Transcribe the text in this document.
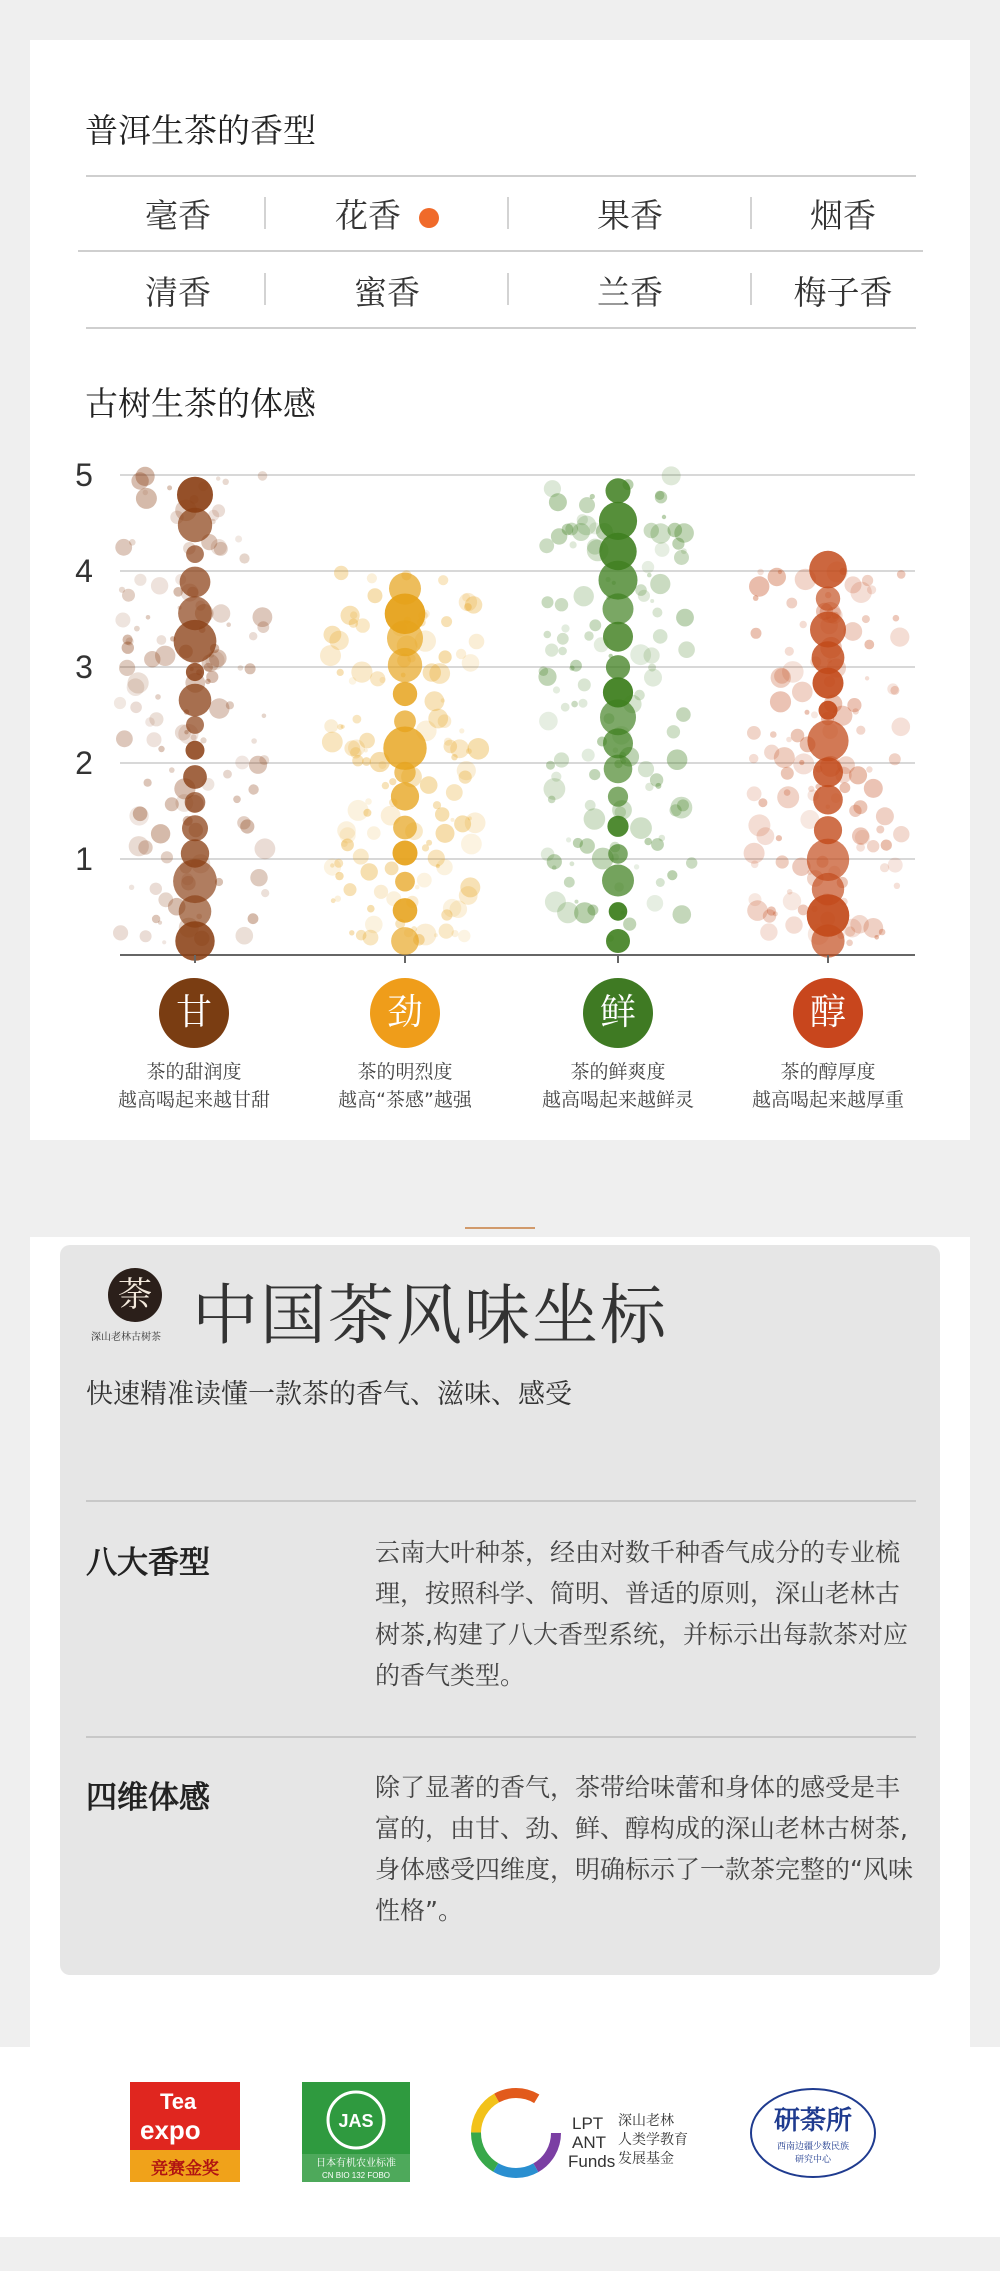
普洱生茶的香型
毫香	花香	果香	烟香
清香	蜜香	兰香	梅子香
古树生茶的体感
1
2
3
4
5
甘
茶的甜润度
越高喝起来越甘甜
劲
茶的明烈度
越高“茶感”越强
鲜
茶的鲜爽度
越高喝起来越鲜灵
醇
茶的醇厚度
越高喝起来越厚重
荼
深山老林古树茶 中国茶风味坐标
快速精准读懂一款茶的香气、滋味、感受
八大香型	云南大叶种茶，经由对数千种香气成分的专业梳理，按照科学、简明、普适的原则，深山老林古树茶,构建了八大香型系统，并标示出每款茶对应的香气类型。
四维体感	除了显著的香气，茶带给味蕾和身体的感受是丰富的，由甘、劲、鲜、醇构成的深山老林古树茶,身体感受四维度，明确标示了一款茶完整的“风味性格”。
Tea
expo
竞赛金奖
JAS
日本有机农业标准
CN BIO 132 FOBO
LPT
ANT
Funds
深山老林
人类学教育
发展基金
研荼所
西南边疆少数民族
研究中心
